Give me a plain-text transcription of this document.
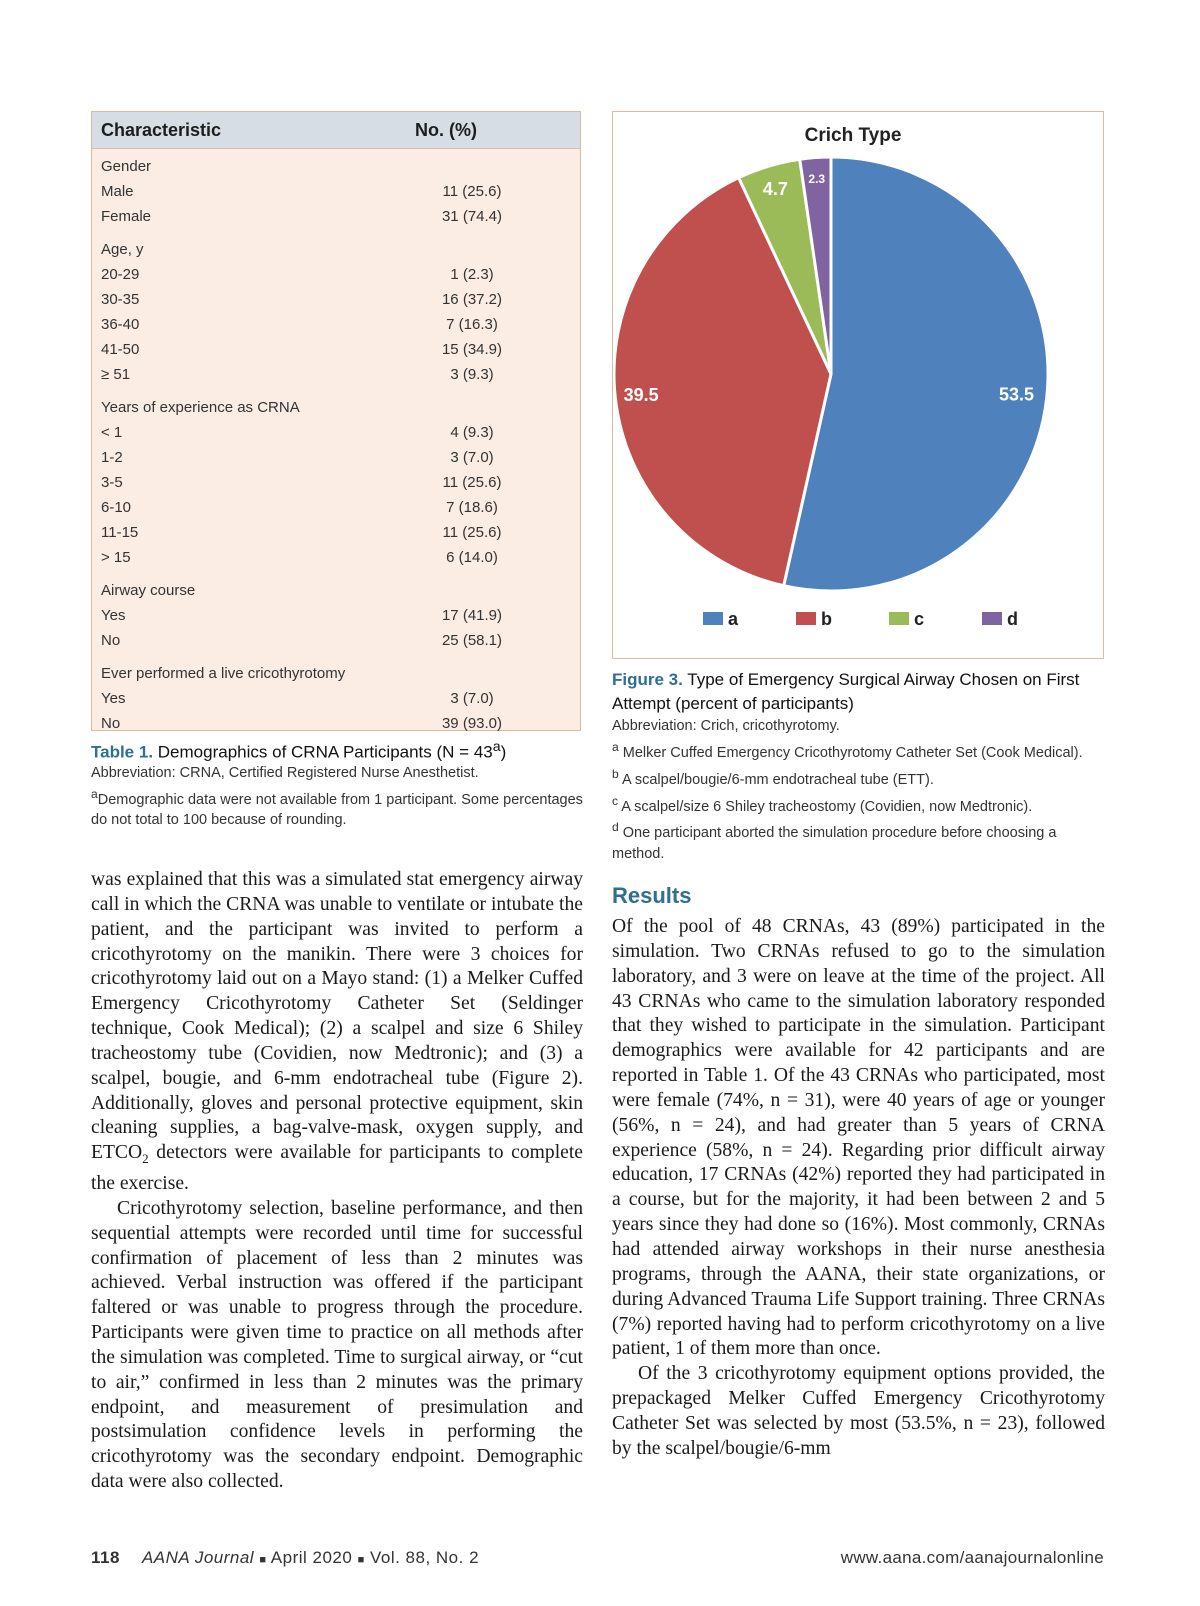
Characteristic	No. (%)
Gender
Male	11 (25.6)
Female	31 (74.4)
Age, y
20-29	1 (2.3)
30-35	16 (37.2)
36-40	7 (16.3)
41-50	15 (34.9)
≥ 51	3 (9.3)
Years of experience as CRNA
< 1	4 (9.3)
1-2	3 (7.0)
3-5	11 (25.6)
6-10	7 (18.6)
11-15	11 (25.6)
> 15	6 (14.0)
Airway course
Yes	17 (41.9)
No	25 (58.1)
Ever performed a live cricothyrotomy
Yes	3 (7.0)
No	39 (93.0)
Table 1. Demographics of CRNA Participants $(N = 43^a)$
Abbreviation: CRNA, Certified Registered Nurse Anesthetist.
$^a$Demographic data were not available from 1 participant. Some percentages do not total to 100 because of rounding.
Crich Type
53.5
39.5
4.7
2.3
a	b	c	d
Figure 3. Type of Emergency Surgical Airway Chosen on First Attempt (percent of participants)
Abbreviation: Crich, cricothyrotomy.
$^a$ Melker Cuffed Emergency Cricothyrotomy Catheter Set (Cook Medical).
$^b$ A scalpel/bougie/6-mm endotracheal tube (ETT).
$^c$ A scalpel/size 6 Shiley tracheostomy (Covidien, now Medtronic).
$^d$ One participant aborted the simulation procedure before choosing a method.

was explained that this was a simulated stat emergency airway call in which the CRNA was unable to ventilate or intubate the patient, and the participant was invited to perform a cricothyrotomy on the manikin. There were 3 choices for cricothyrotomy laid out on a Mayo stand: (1) a Melker Cuffed Emergency Cricothyrotomy Catheter Set (Seldinger technique, Cook Medical); (2) a scalpel and size 6 Shiley tracheostomy tube (Covidien, now Medtronic); and (3) a scalpel, bougie, and 6-mm endotracheal tube (Figure 2). Additionally, gloves and personal protective equipment, skin cleaning supplies, a bag-valve-mask, oxygen supply, and $ETCO_2$ detectors were available for participants to complete the exercise.

Cricothyrotomy selection, baseline performance, and then sequential attempts were recorded until time for successful confirmation of placement of less than 2 minutes was achieved. Verbal instruction was offered if the participant faltered or was unable to progress through the procedure. Participants were given time to practice on all methods after the simulation was completed. Time to surgical airway, or “cut to air,” confirmed in less than 2 minutes was the primary endpoint, and measurement of presimulation and postsimulation confidence levels in performing the cricothyrotomy was the secondary endpoint. Demographic data were also collected.

Results

Of the pool of 48 CRNAs, 43 (89%) participated in the simulation. Two CRNAs refused to go to the simulation laboratory, and 3 were on leave at the time of the project. All 43 CRNAs who came to the simulation laboratory responded that they wished to participate in the simulation. Participant demographics were available for 42 participants and are reported in Table 1. Of the 43 CRNAs who participated, most were female (74%, n = 31), were 40 years of age or younger (56%, n = 24), and had greater than 5 years of CRNA experience (58%, n = 24). Regarding prior difficult airway education, 17 CRNAs (42%) reported they had participated in a course, but for the majority, it had been between 2 and 5 years since they had done so (16%). Most commonly, CRNAs had attended airway workshops in their nurse anesthesia programs, through the AANA, their state organizations, or during Advanced Trauma Life Support training. Three CRNAs (7%) reported having had to perform cricothyrotomy on a live patient, 1 of them more than once.

Of the 3 cricothyrotomy equipment options provided, the prepackaged Melker Cuffed Emergency Cricothyrotomy Catheter Set was selected by most (53.5%, n = 23), followed by the scalpel/bougie/6-mm

118 AANA Journal ■ April 2020 ■ Vol. 88, No. 2	www.aana.com/aanajournalonline
